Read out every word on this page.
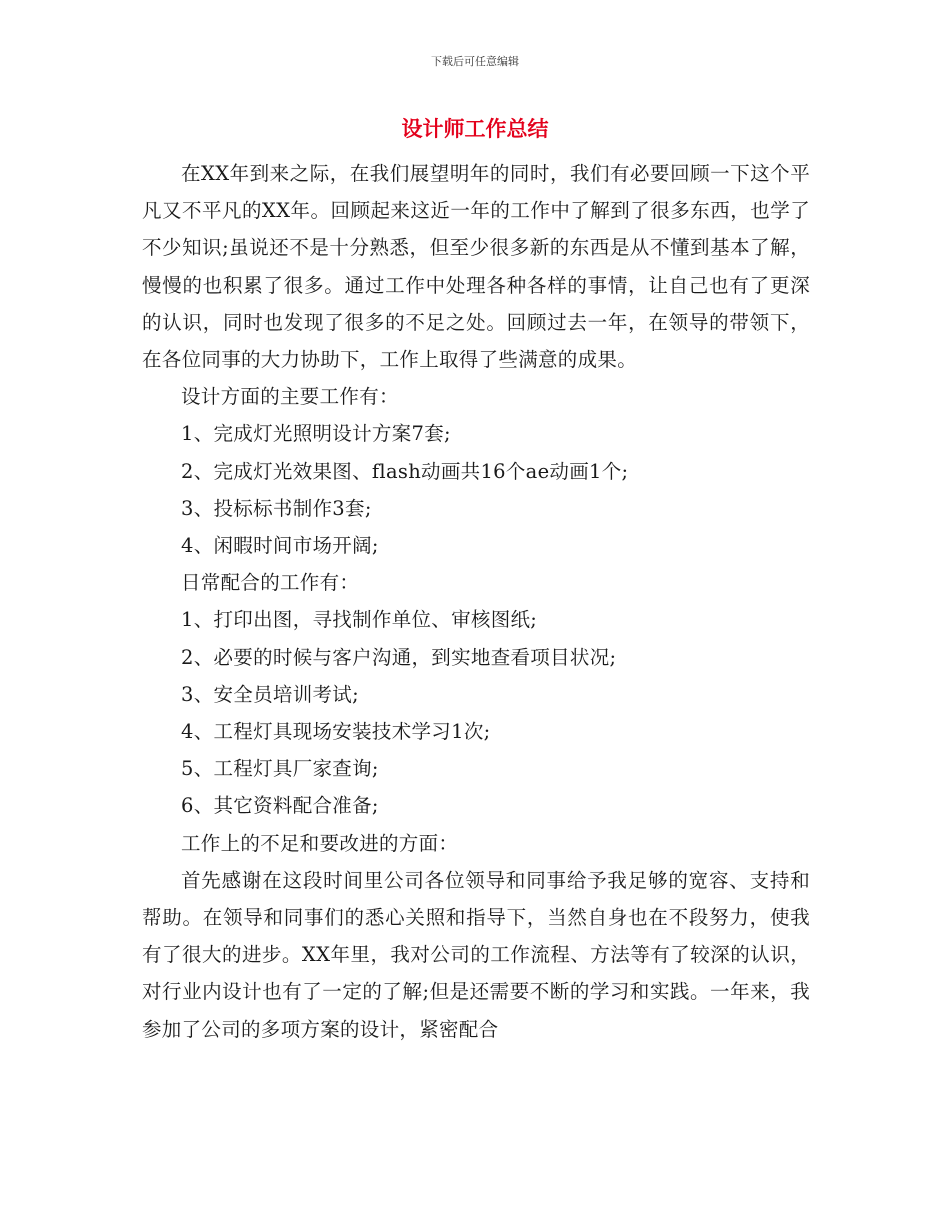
下载后可任意编辑
设计师工作总结

在XX年到来之际，在我们展望明年的同时，我们有必要回顾一下这个平凡又不平凡的XX年。回顾起来这近一年的工作中了解到了很多东西，也学了不少知识;虽说还不是十分熟悉，但至少很多新的东西是从不懂到基本了解，慢慢的也积累了很多。通过工作中处理各种各样的事情，让自己也有了更深的认识，同时也发现了很多的不足之处。回顾过去一年，在领导的带领下，在各位同事的大力协助下，工作上取得了些满意的成果。

设计方面的主要工作有：

1、完成灯光照明设计方案7套;

2、完成灯光效果图、flash动画共16个ae动画1个;

3、投标标书制作3套;

4、闲暇时间市场开阔;

日常配合的工作有：

1、打印出图，寻找制作单位、审核图纸;

2、必要的时候与客户沟通，到实地查看项目状况;

3、安全员培训考试;

4、工程灯具现场安装技术学习1次;

5、工程灯具厂家查询;

6、其它资料配合准备;

工作上的不足和要改进的方面：

首先感谢在这段时间里公司各位领导和同事给予我足够的宽容、支持和帮助。在领导和同事们的悉心关照和指导下，当然自身也在不段努力，使我有了很大的进步。XX年里，我对公司的工作流程、方法等有了较深的认识，对行业内设计也有了一定的了解;但是还需要不断的学习和实践。一年来，我参加了公司的多项方案的设计，紧密配合
